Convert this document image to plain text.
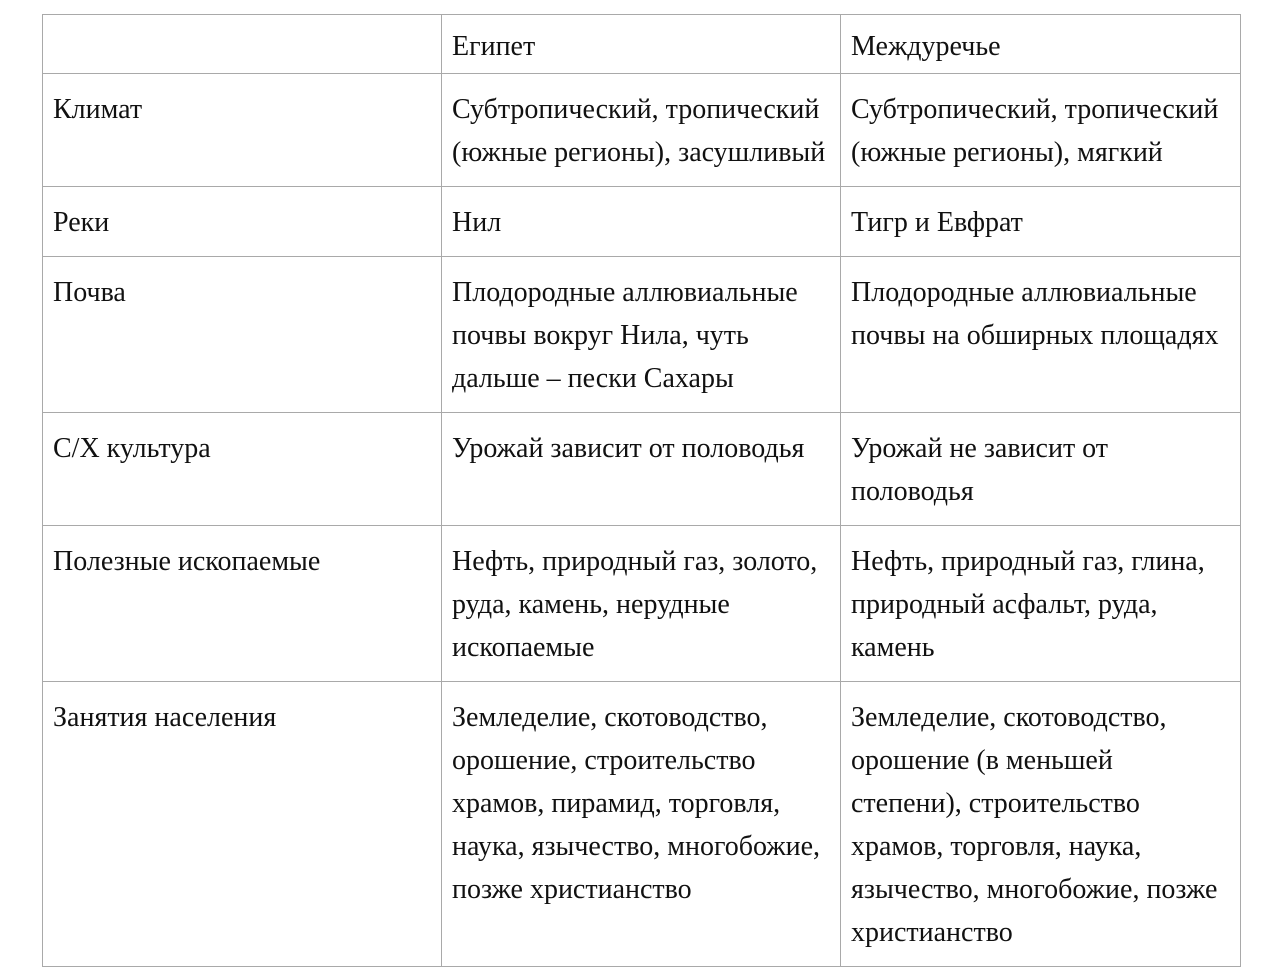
	Египет	Междуречье
Климат	Субтропический, тропический (южные регионы), засушливый	Субтропический, тропический (южные регионы), мягкий
Реки	Нил	Тигр и Евфрат
Почва	Плодородные аллювиальные почвы вокруг Нила, чуть дальше – пески Сахары	Плодородные аллювиальные почвы на обширных площадях
С/Х культура	Урожай зависит от половодья	Урожай не зависит от половодья
Полезные ископаемые	Нефть, природный газ, золото, руда, камень, нерудные ископаемые	Нефть, природный газ, глина, природный асфальт, руда, камень
Занятия населения	Земледелие, скотоводство, орошение, строительство храмов, пирамид, торговля, наука, язычество, многобожие, позже христианство	Земледелие, скотоводство, орошение (в меньшей степени), строительство храмов, торговля, наука, язычество, многобожие, позже христианство
